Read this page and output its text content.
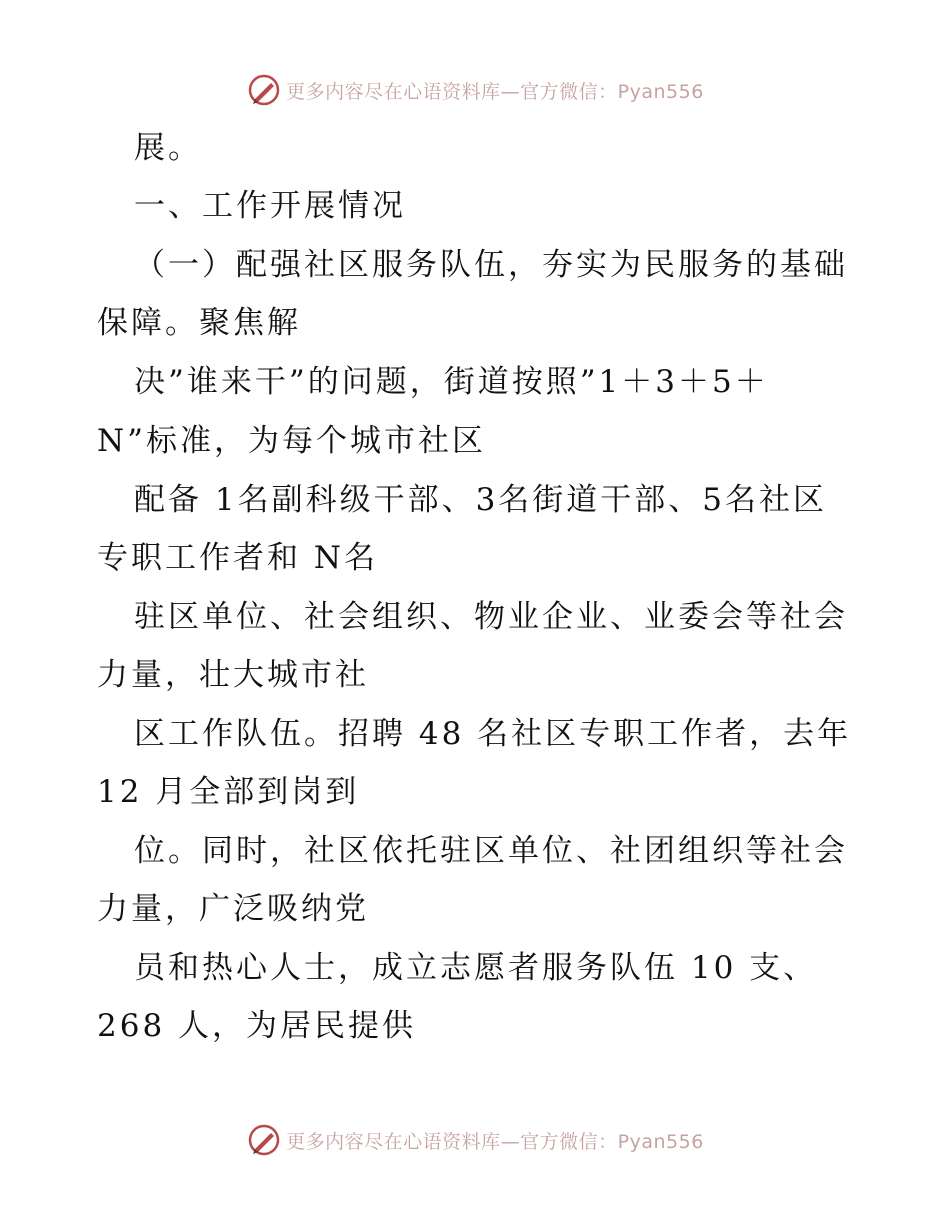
更多内容尽在心语资料库—官方微信：Pyan556
展。
一、工作开展情况
（一）配强社区服务队伍，夯实为民服务的基础
保障。聚焦解
决”谁来干”的问题，街道按照”1＋3＋5＋
N”标准，为每个城市社区
配备 1名副科级干部、3名街道干部、5名社区
专职工作者和 N名
驻区单位、社会组织、物业企业、业委会等社会
力量，壮大城市社
区工作队伍。招聘 48 名社区专职工作者，去年
12 月全部到岗到
位。同时，社区依托驻区单位、社团组织等社会
力量，广泛吸纳党
员和热心人士，成立志愿者服务队伍 10 支、
268 人，为居民提供
更多内容尽在心语资料库—官方微信：Pyan556
